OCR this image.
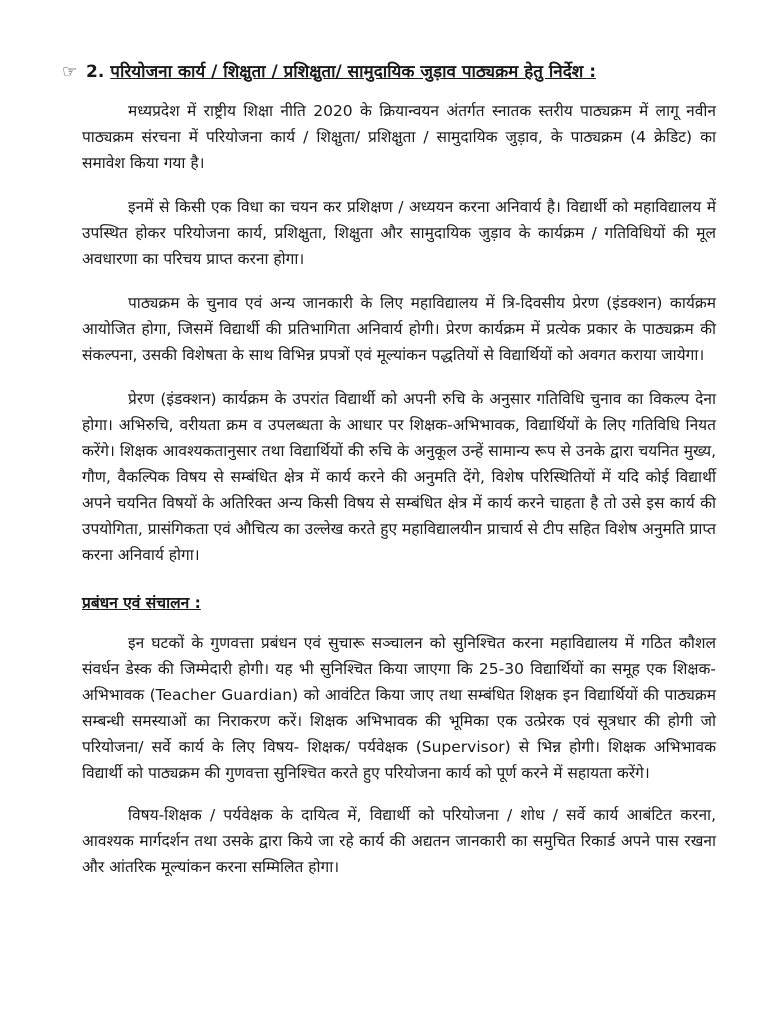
☞ 2. परियोजना कार्य / शिक्षुता / प्रशिक्षुता/ सामुदायिक जुड़ाव पाठ्यक्रम हेतु निर्देश :

मध्यप्रदेश में राष्ट्रीय शिक्षा नीति 2020 के क्रियान्वयन अंतर्गत स्नातक स्तरीय पाठ्यक्रम में लागू नवीन पाठ्यक्रम संरचना में परियोजना कार्य / शिक्षुता/ प्रशिक्षुता / सामुदायिक जुड़ाव, के पाठ्यक्रम (4 क्रेडिट) का समावेश किया गया है।

इनमें से किसी एक विधा का चयन कर प्रशिक्षण / अध्ययन करना अनिवार्य है। विद्यार्थी को महाविद्यालय में उपस्थित होकर परियोजना कार्य, प्रशिक्षुता, शिक्षुता और सामुदायिक जुड़ाव के कार्यक्रम / गतिविधियों की मूल अवधारणा का परिचय प्राप्त करना होगा।

पाठ्यक्रम के चुनाव एवं अन्य जानकारी के लिए महाविद्यालय में त्रि-दिवसीय प्रेरण (इंडक्शन) कार्यक्रम आयोजित होगा, जिसमें विद्यार्थी की प्रतिभागिता अनिवार्य होगी। प्रेरण कार्यक्रम में प्रत्येक प्रकार के पाठ्यक्रम की संकल्पना, उसकी विशेषता के साथ विभिन्न प्रपत्रों एवं मूल्यांकन पद्धतियों से विद्यार्थियों को अवगत कराया जायेगा।

प्रेरण (इंडक्शन) कार्यक्रम के उपरांत विद्यार्थी को अपनी रुचि के अनुसार गतिविधि चुनाव का विकल्प देना होगा। अभिरुचि, वरीयता क्रम व उपलब्धता के आधार पर शिक्षक-अभिभावक, विद्यार्थियों के लिए गतिविधि नियत करेंगे। शिक्षक आवश्यकतानुसार तथा विद्यार्थियों की रुचि के अनुकूल उन्हें सामान्य रूप से उनके द्वारा चयनित मुख्य, गौण, वैकल्पिक विषय से सम्बंधित क्षेत्र में कार्य करने की अनुमति देंगे, विशेष परिस्थितियों में यदि कोई विद्यार्थी अपने चयनित विषयों के अतिरिक्त अन्य किसी विषय से सम्बंधित क्षेत्र में कार्य करने चाहता है तो उसे इस कार्य की उपयोगिता, प्रासंगिकता एवं औचित्य का उल्लेख करते हुए महाविद्यालयीन प्राचार्य से टीप सहित विशेष अनुमति प्राप्त करना अनिवार्य होगा।

प्रबंधन एवं संचालन :

इन घटकों के गुणवत्ता प्रबंधन एवं सुचारू सञ्चालन को सुनिश्चित करना महाविद्यालय में गठित कौशल संवर्धन डेस्क की जिम्मेदारी होगी। यह भी सुनिश्चित किया जाएगा कि 25-30 विद्यार्थियों का समूह एक शिक्षक-अभिभावक (Teacher Guardian) को आवंटित किया जाए तथा सम्बंधित शिक्षक इन विद्यार्थियों की पाठ्यक्रम सम्बन्धी समस्याओं का निराकरण करें। शिक्षक अभिभावक की भूमिका एक उत्प्रेरक एवं सूत्रधार की होगी जो परियोजना/ सर्वे कार्य के लिए विषय- शिक्षक/ पर्यवेक्षक (Supervisor) से भिन्न होगी। शिक्षक अभिभावक विद्यार्थी को पाठ्यक्रम की गुणवत्ता सुनिश्चित करते हुए परियोजना कार्य को पूर्ण करने में सहायता करेंगे।

विषय-शिक्षक / पर्यवेक्षक के दायित्व में, विद्यार्थी को परियोजना / शोध / सर्वे कार्य आबंटित करना, आवश्यक मार्गदर्शन तथा उसके द्वारा किये जा रहे कार्य की अद्यतन जानकारी का समुचित रिकार्ड अपने पास रखना और आंतरिक मूल्यांकन करना सम्मिलित होगा।
